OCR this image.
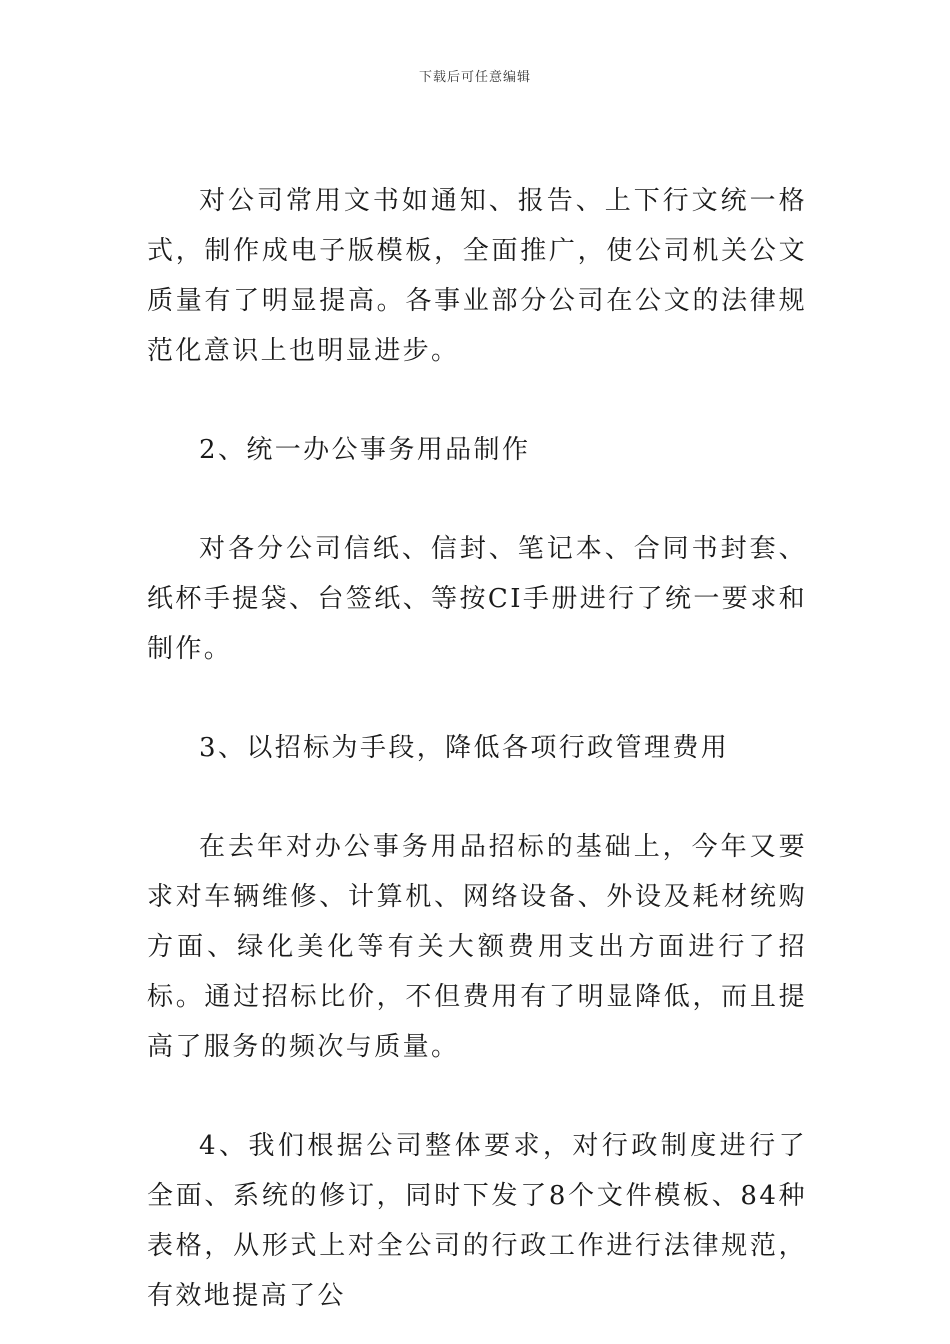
下载后可任意编辑

对公司常用文书如通知、报告、上下行文统一格式，制作成电子版模板，全面推广，使公司机关公文质量有了明显提高。各事业部分公司在公文的法律规范化意识上也明显进步。

2、统一办公事务用品制作

对各分公司信纸、信封、笔记本、合同书封套、纸杯手提袋、台签纸、等按CI手册进行了统一要求和制作。

3、以招标为手段，降低各项行政管理费用

在去年对办公事务用品招标的基础上，今年又要求对车辆维修、计算机、网络设备、外设及耗材统购方面、绿化美化等有关大额费用支出方面进行了招标。通过招标比价，不但费用有了明显降低，而且提高了服务的频次与质量。

4、我们根据公司整体要求，对行政制度进行了全面、系统的修订，同时下发了8个文件模板、84种表格，从形式上对全公司的行政工作进行法律规范，有效地提高了公
